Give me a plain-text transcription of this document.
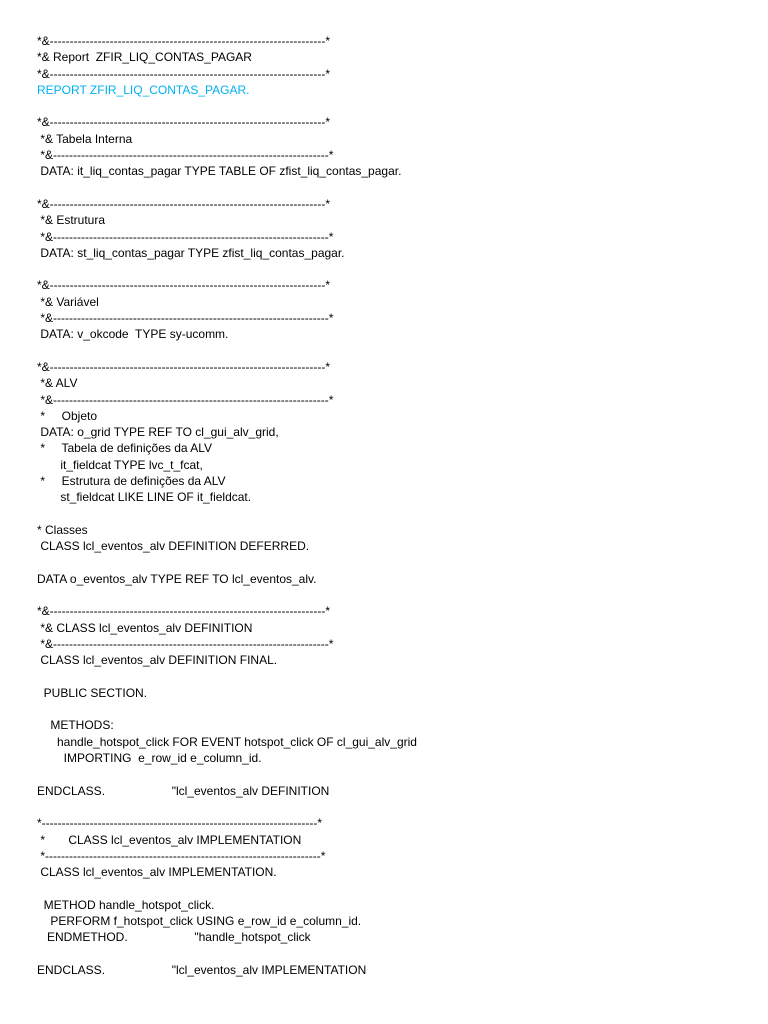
*&---------------------------------------------------------------------*
*& Report  ZFIR_LIQ_CONTAS_PAGAR
*&---------------------------------------------------------------------*
REPORT ZFIR_LIQ_CONTAS_PAGAR.
*&---------------------------------------------------------------------*
*& Tabela Interna
*&---------------------------------------------------------------------*
DATA: it_liq_contas_pagar TYPE TABLE OF zfist_liq_contas_pagar.
*&---------------------------------------------------------------------*
*& Estrutura
*&---------------------------------------------------------------------*
DATA: st_liq_contas_pagar TYPE zfist_liq_contas_pagar.
*&---------------------------------------------------------------------*
*& Variável
*&---------------------------------------------------------------------*
DATA: v_okcode  TYPE sy-ucomm.
*&---------------------------------------------------------------------*
*& ALV
*&---------------------------------------------------------------------*
*     Objeto
DATA: o_grid TYPE REF TO cl_gui_alv_grid,
*     Tabela de definições da ALV
it_fieldcat TYPE lvc_t_fcat,
*     Estrutura de definições da ALV
st_fieldcat LIKE LINE OF it_fieldcat.
* Classes
CLASS lcl_eventos_alv DEFINITION DEFERRED.
DATA o_eventos_alv TYPE REF TO lcl_eventos_alv.
*&---------------------------------------------------------------------*
*& CLASS lcl_eventos_alv DEFINITION
*&---------------------------------------------------------------------*
CLASS lcl_eventos_alv DEFINITION FINAL.
PUBLIC SECTION.
METHODS:
handle_hotspot_click FOR EVENT hotspot_click OF cl_gui_alv_grid
IMPORTING  e_row_id e_column_id.
ENDCLASS.                    "lcl_eventos_alv DEFINITION
*---------------------------------------------------------------------*
*       CLASS lcl_eventos_alv IMPLEMENTATION
*---------------------------------------------------------------------*
CLASS lcl_eventos_alv IMPLEMENTATION.
METHOD handle_hotspot_click.
PERFORM f_hotspot_click USING e_row_id e_column_id.
ENDMETHOD.                    "handle_hotspot_click
ENDCLASS.                    "lcl_eventos_alv IMPLEMENTATION
